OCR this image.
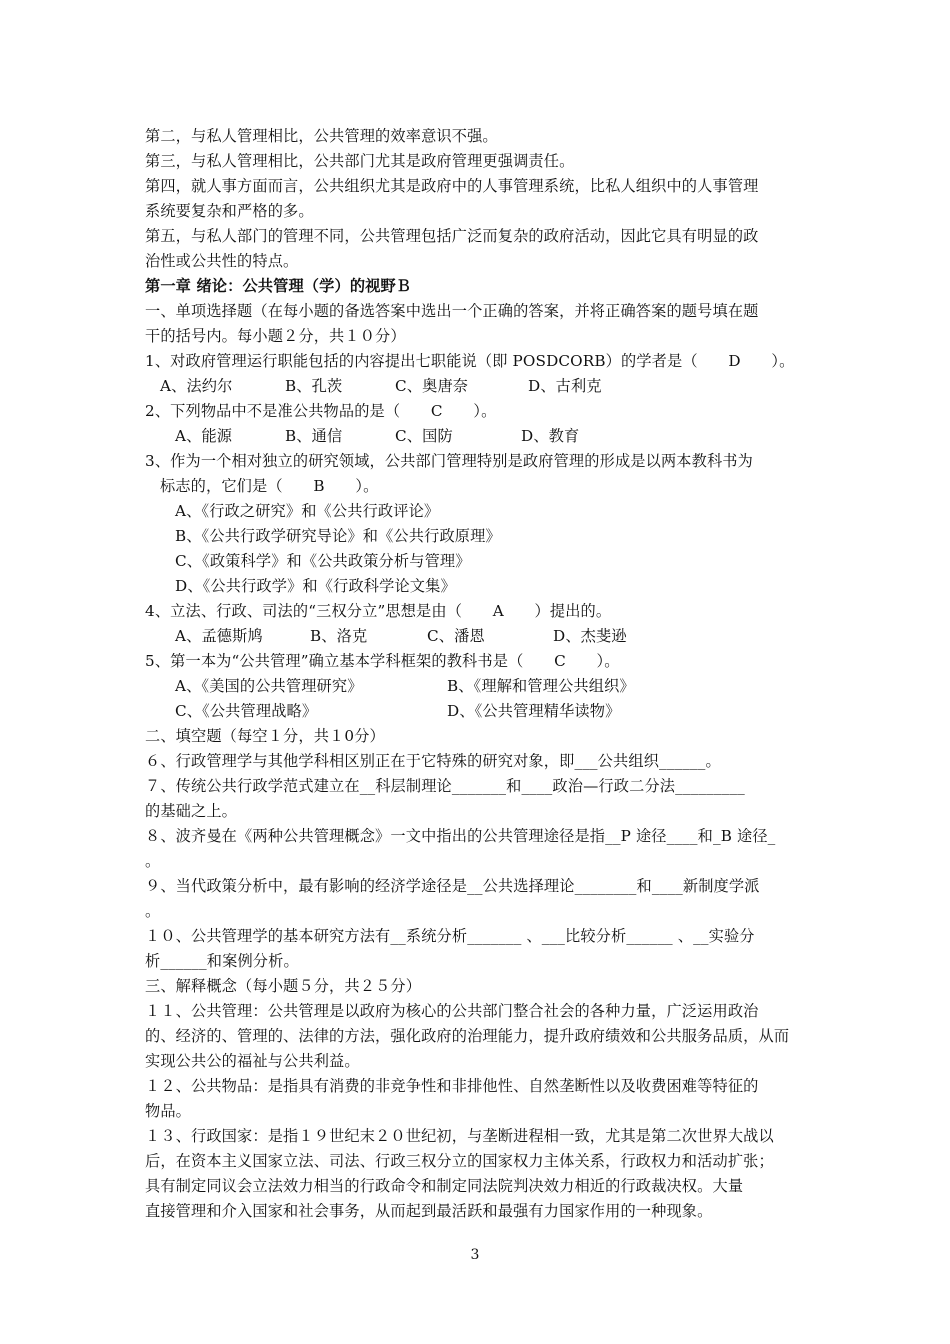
第二，与私人管理相比，公共管理的效率意识不强。
第三，与私人管理相比，公共部门尤其是政府管理更强调责任。
第四，就人事方面而言，公共组织尤其是政府中的人事管理系统，比私人组织中的人事管理
系统要复杂和严格的多。
第五，与私人部门的管理不同，公共管理包括广泛而复杂的政府活动，因此它具有明显的政
治性或公共性的特点。
第一章 绪论：公共管理（学）的视野Ｂ
一、单项选择题（在每小题的备选答案中选出一个正确的答案，并将正确答案的题号填在题
干的括号内。每小题２分，共１０分）
1、对政府管理运行职能包括的内容提出七职能说（即 POSDCORB）的学者是（　　D　　）。
A、法约尔	B、孔茨	C、奥唐奈	D、古利克
2、下列物品中不是准公共物品的是（　　C　　）。
A、能源	B、通信	C、国防	D、教育
3、作为一个相对独立的研究领域，公共部门管理特别是政府管理的形成是以两本教科书为
标志的，它们是（　　B　　）。
A、《行政之研究》和《公共行政评论》
B、《公共行政学研究导论》和《公共行政原理》
C、《政策科学》和《公共政策分析与管理》
D、《公共行政学》和《行政科学论文集》
4、立法、行政、司法的“三权分立”思想是由（　　A　　）提出的。
A、孟德斯鸠	B、洛克	C、潘恩	D、杰斐逊
5、第一本为“公共管理”确立基本学科框架的教科书是（　　C　　）。
A、《美国的公共管理研究》	B、《理解和管理公共组织》
C、《公共管理战略》	D、《公共管理精华读物》
二、填空题（每空１分，共１0分）
６、行政管理学与其他学科相区别正在于它特殊的研究对象，即___公共组织______。
７、传统公共行政学范式建立在__科层制理论_______和____政治—行政二分法_________
的基础之上。
８、波齐曼在《两种公共管理概念》一文中指出的公共管理途径是指__P 途径____和_B 途径_
。
９、当代政策分析中，最有影响的经济学途径是__公共选择理论________和____新制度学派
。
１０、公共管理学的基本研究方法有__系统分析_______ 、___比较分析______ 、__实验分
析______和案例分析。
三、解释概念（每小题５分，共２５分）
１１、公共管理：公共管理是以政府为核心的公共部门整合社会的各种力量，广泛运用政治
的、经济的、管理的、法律的方法，强化政府的治理能力，提升政府绩效和公共服务品质，从而
实现公共公的福祉与公共利益。
１２、公共物品：是指具有消费的非竞争性和非排他性、自然垄断性以及收费困难等特征的
物品。
１３、行政国家：是指１９世纪末２０世纪初，与垄断进程相一致，尤其是第二次世界大战以
后，在资本主义国家立法、司法、行政三权分立的国家权力主体关系，行政权力和活动扩张；
具有制定同议会立法效力相当的行政命令和制定同法院判决效力相近的行政裁决权。大量
直接管理和介入国家和社会事务，从而起到最活跃和最强有力国家作用的一种现象。
3
